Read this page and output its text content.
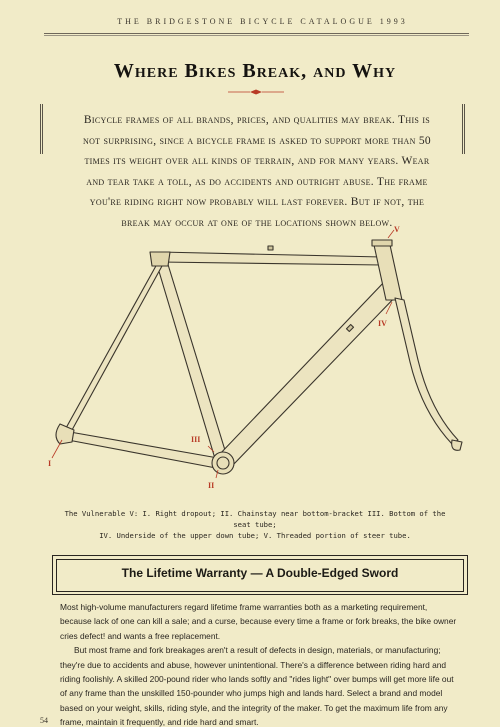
THE BRIDGESTONE BICYCLE CATALOGUE 1993
Where Bikes Break, and Why

Bicycle frames of all brands, prices, and qualities may break. This is not surprising, since a bicycle frame is asked to support more than 50 times its weight over all kinds of terrain, and for many years. Wear and tear take a toll, as do accidents and outright abuse. The frame you're riding right now probably will last forever. But if not, the break may occur at one of the locations shown below.

I
II
III
IV
V
The Vulnerable V: I. Right dropout; II. Chainstay near bottom-bracket III. Bottom of the seat tube;
IV. Underside of the upper down tube; V. Threaded portion of steer tube.
The Lifetime Warranty — A Double-Edged Sword

Most high-volume manufacturers regard lifetime frame warranties both as a marketing requirement, because lack of one can kill a sale; and a curse, because every time a frame or fork breaks, the bike owner cries defect! and wants a free replacement.

But most frame and fork breakages aren't a result of defects in design, materials, or manufacturing; they're due to accidents and abuse, however unintentional. There's a difference between riding hard and riding foolishly. A skilled 200-pound rider who lands softly and "rides light" over bumps will get more life out of any frame than the unskilled 150-pounder who jumps high and lands hard. Select a brand and model based on your weight, skills, riding style, and the integrity of the maker. To get the maximum life from any frame, maintain it frequently, and ride hard and smart.

54
